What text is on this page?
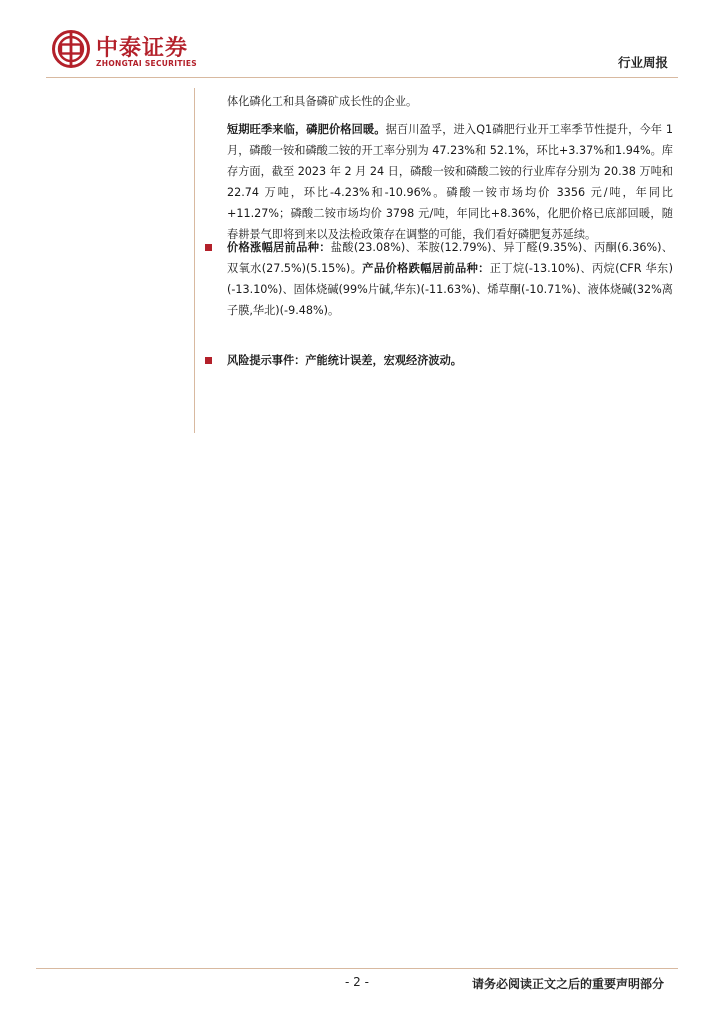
中泰证券
ZHONGTAI SECURITIES	行业周报

体化磷化工和具备磷矿成长性的企业。

短期旺季来临，磷肥价格回暖。据百川盈孚，进入Q1磷肥行业开工率季节性提升，今年 1 月，磷酸一铵和磷酸二铵的开工率分别为 47.23%和 52.1%，环比+3.37%和1.94%。库存方面，截至 2023 年 2 月 24 日，磷酸一铵和磷酸二铵的行业库存分别为 20.38 万吨和 22.74 万吨，环比-4.23%和-10.96%。磷酸一铵市场均价 3356 元/吨，年同比+11.27%；磷酸二铵市场均价 3798 元/吨，年同比+8.36%，化肥价格已底部回暖，随春耕景气即将到来以及法检政策存在调整的可能，我们看好磷肥复苏延续。

价格涨幅居前品种：盐酸(23.08%)、苯胺(12.79%)、异丁醛(9.35%)、丙酮(6.36%)、双氧水(27.5%)(5.15%)。产品价格跌幅居前品种：正丁烷(-13.10%)、丙烷(CFR 华东)(-13.10%)、固体烧碱(99%片碱,华东)(-11.63%)、烯草酮(-10.71%)、液体烧碱(32%离子膜,华北)(-9.48%)。

风险提示事件：产能统计误差，宏观经济波动。

- 2 -	请务必阅读正文之后的重要声明部分
